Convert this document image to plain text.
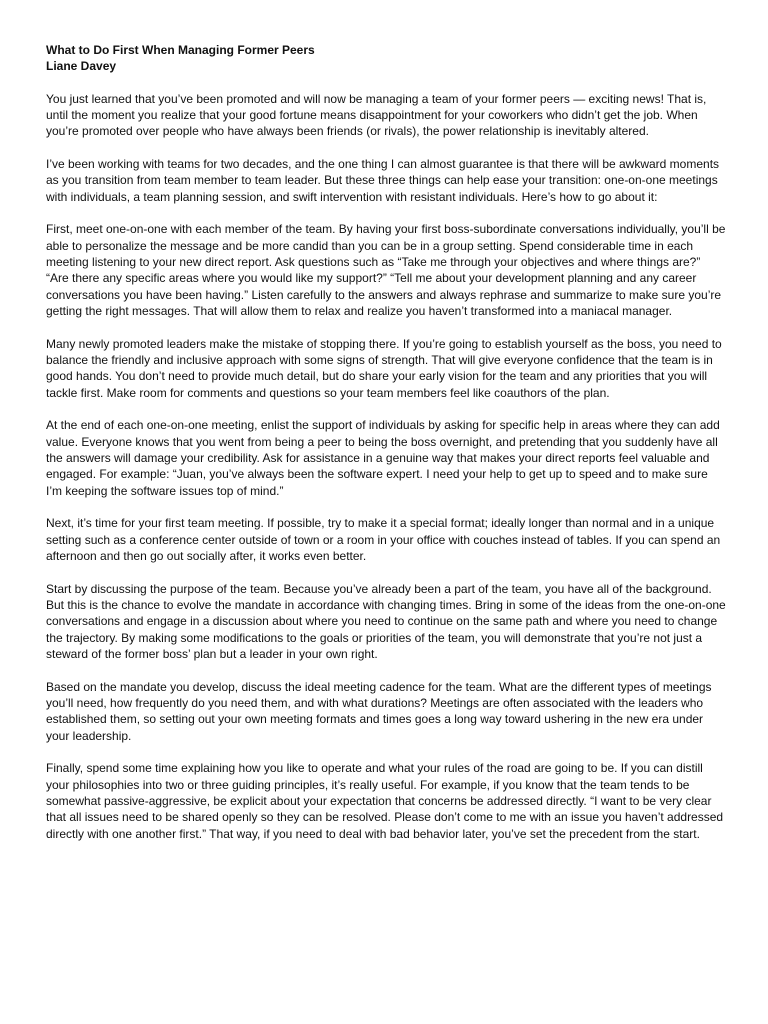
What to Do First When Managing Former Peers

Liane Davey

You just learned that you’ve been promoted and will now be managing a team of your former peers — exciting news! That is, until the moment you realize that your good fortune means disappointment for your coworkers who didn’t get the job. When you’re promoted over people who have always been friends (or rivals), the power relationship is inevitably altered.

I’ve been working with teams for two decades, and the one thing I can almost guarantee is that there will be awkward moments as you transition from team member to team leader. But these three things can help ease your transition: one-on-one meetings with individuals, a team planning session, and swift intervention with resistant individuals. Here’s how to go about it:

First, meet one-on-one with each member of the team. By having your first boss-subordinate conversations individually, you’ll be able to personalize the message and be more candid than you can be in a group setting. Spend considerable time in each meeting listening to your new direct report. Ask questions such as “Take me through your objectives and where things are?” “Are there any specific areas where you would like my support?” “Tell me about your development planning and any career conversations you have been having.” Listen carefully to the answers and always rephrase and summarize to make sure you’re getting the right messages. That will allow them to relax and realize you haven’t transformed into a maniacal manager.

Many newly promoted leaders make the mistake of stopping there. If you’re going to establish yourself as the boss, you need to balance the friendly and inclusive approach with some signs of strength. That will give everyone confidence that the team is in good hands. You don’t need to provide much detail, but do share your early vision for the team and any priorities that you will tackle first. Make room for comments and questions so your team members feel like coauthors of the plan.

At the end of each one-on-one meeting, enlist the support of individuals by asking for specific help in areas where they can add value. Everyone knows that you went from being a peer to being the boss overnight, and pretending that you suddenly have all the answers will damage your credibility. Ask for assistance in a genuine way that makes your direct reports feel valuable and engaged. For example: “Juan, you’ve always been the software expert. I need your help to get up to speed and to make sure I’m keeping the software issues top of mind.”

Next, it’s time for your first team meeting. If possible, try to make it a special format; ideally longer than normal and in a unique setting such as a conference center outside of town or a room in your office with couches instead of tables. If you can spend an afternoon and then go out socially after, it works even better.

Start by discussing the purpose of the team. Because you’ve already been a part of the team, you have all of the background. But this is the chance to evolve the mandate in accordance with changing times. Bring in some of the ideas from the one-on-one conversations and engage in a discussion about where you need to continue on the same path and where you need to change the trajectory. By making some modifications to the goals or priorities of the team, you will demonstrate that you’re not just a steward of the former boss’ plan but a leader in your own right.

Based on the mandate you develop, discuss the ideal meeting cadence for the team. What are the different types of meetings you’ll need, how frequently do you need them, and with what durations? Meetings are often associated with the leaders who established them, so setting out your own meeting formats and times goes a long way toward ushering in the new era under your leadership.

Finally, spend some time explaining how you like to operate and what your rules of the road are going to be. If you can distill your philosophies into two or three guiding principles, it’s really useful. For example, if you know that the team tends to be somewhat passive-aggressive, be explicit about your expectation that concerns be addressed directly. “I want to be very clear that all issues need to be shared openly so they can be resolved. Please don’t come to me with an issue you haven’t addressed directly with one another first.” That way, if you need to deal with bad behavior later, you’ve set the precedent from the start.
